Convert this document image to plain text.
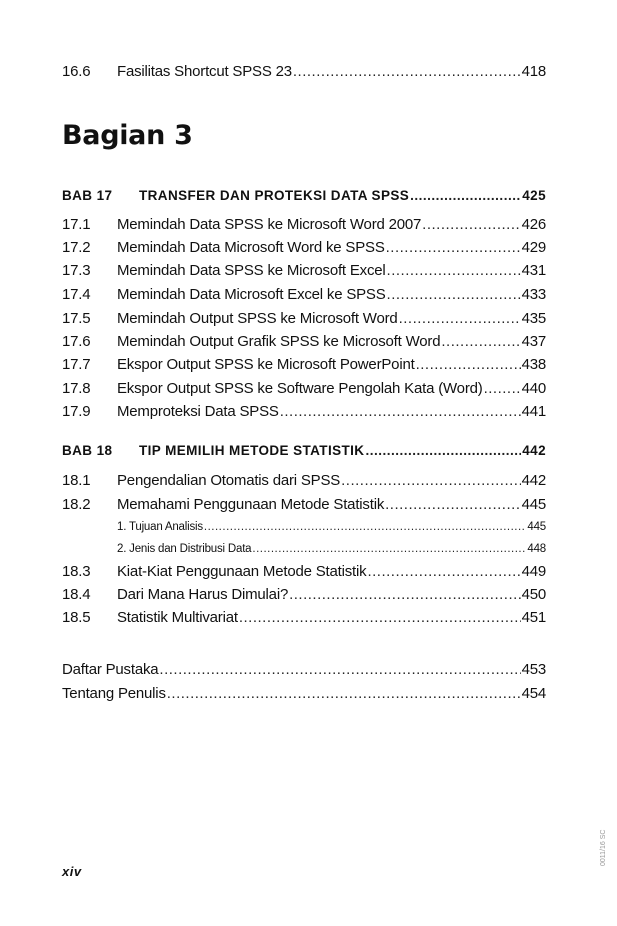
16.6	Fasilitas Shortcut SPSS 23 .....	418
Bagian 3
BAB 17	TRANSFER DAN PROTEKSI DATA SPSS .....	425
17.1	Memindah Data SPSS ke Microsoft Word 2007 .....	426
17.2	Memindah Data Microsoft Word ke SPSS .....	429
17.3	Memindah Data SPSS ke Microsoft Excel .....	431
17.4	Memindah Data Microsoft Excel ke SPSS .....	433
17.5	Memindah Output SPSS ke Microsoft Word .....	435
17.6	Memindah Output Grafik SPSS ke Microsoft Word .....	437
17.7	Ekspor Output SPSS ke Microsoft PowerPoint .....	438
17.8	Ekspor Output SPSS ke Software Pengolah Kata (Word) .....	440
17.9	Memproteksi Data SPSS .....	441
BAB 18	TIP MEMILIH METODE STATISTIK .....	442
18.1	Pengendalian Otomatis dari SPSS .....	442
18.2	Memahami Penggunaan Metode Statistik .....	445
1. Tujuan Analisis .....	445
2. Jenis dan Distribusi Data .....	448
18.3	Kiat-Kiat Penggunaan Metode Statistik .....	449
18.4	Dari Mana Harus Dimulai? .....	450
18.5	Statistik Multivariat .....	451
Daftar Pustaka .....	453
Tentang Penulis .....	454
xiv
0011/16 SC
